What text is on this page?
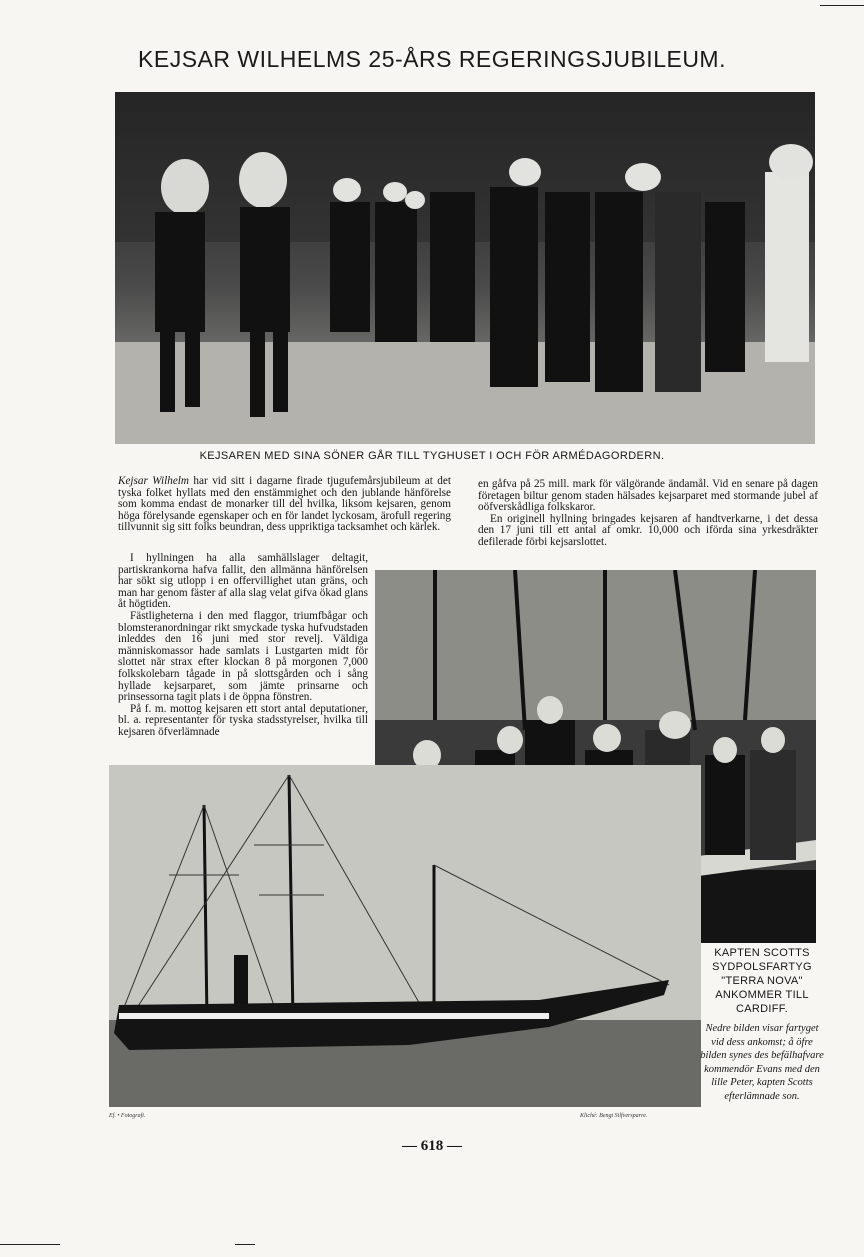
KEJSAR WILHELMS 25-ÅRS REGERINGSJUBILEUM.
KEJSAREN MED SINA SÖNER GÅR TILL TYGHUSET I OCH FÖR ARMÉDAGORDERN.

Kejsar Wilhelm har vid sitt i dagarne firade tjugufemårsjubileum at det tyska folket hyllats med den enstämmighet och den jublande hänförelse som komma endast de monarker till del hvilka, liksom kejsaren, genom höga förelysande egenskaper och en för landet lyckosam, ärofull regering tillvunnit sig sitt folks beundran, dess uppriktiga tacksamhet och kärlek.

I hyllningen ha alla samhällslager deltagit, partiskrankorna hafva fallit, den allmänna hänförelsen har sökt sig utlopp i en offervillighet utan gräns, och man har genom fäster af alla slag velat gifva ökad glans åt högtiden.

Fästligheterna i den med flaggor, triumfbågar och blomsteranordningar rikt smyckade tyska hufvudstaden inleddes den 16 juni med stor revelj. Väldiga människomassor hade samlats i Lustgarten midt för slottet när strax efter klockan 8 på morgonen 7,000 folkskolebarn tågade in på slottsgården och i sång hyllade kejsarparet, som jämte prinsarne och prinsessorna tagit plats i de öppna fönstren.

På f. m. mottog kejsaren ett stort antal deputationer, bl. a. representanter för tyska stadsstyrelser, hvilka till kejsaren öfverlämnade

en gåfva på 25 mill. mark för välgörande ändamål. Vid en senare på dagen företagen biltur genom staden hälsades kejsarparet med stormande jubel af oöfverskådliga folkskaror.

En originell hyllning bringades kejsaren af handtverkarne, i det dessa den 17 juni till ett antal af omkr. 10,000 och iförda sina yrkesdräkter defilerade förbi kejsarslottet.

KAPTEN SCOTTS SYDPOLSFARTYG "TERRA NOVA" ANKOMMER TILL CARDIFF.
Nedre bilden visar fartyget vid dess ankomst; å öfre bilden synes des befälhafvare kommendör Evans med den lille Peter, kapten Scotts efterlämnade son.
Ef. • Fotografi.	Kliché: Bengt Silfversparre.
— 618 —
